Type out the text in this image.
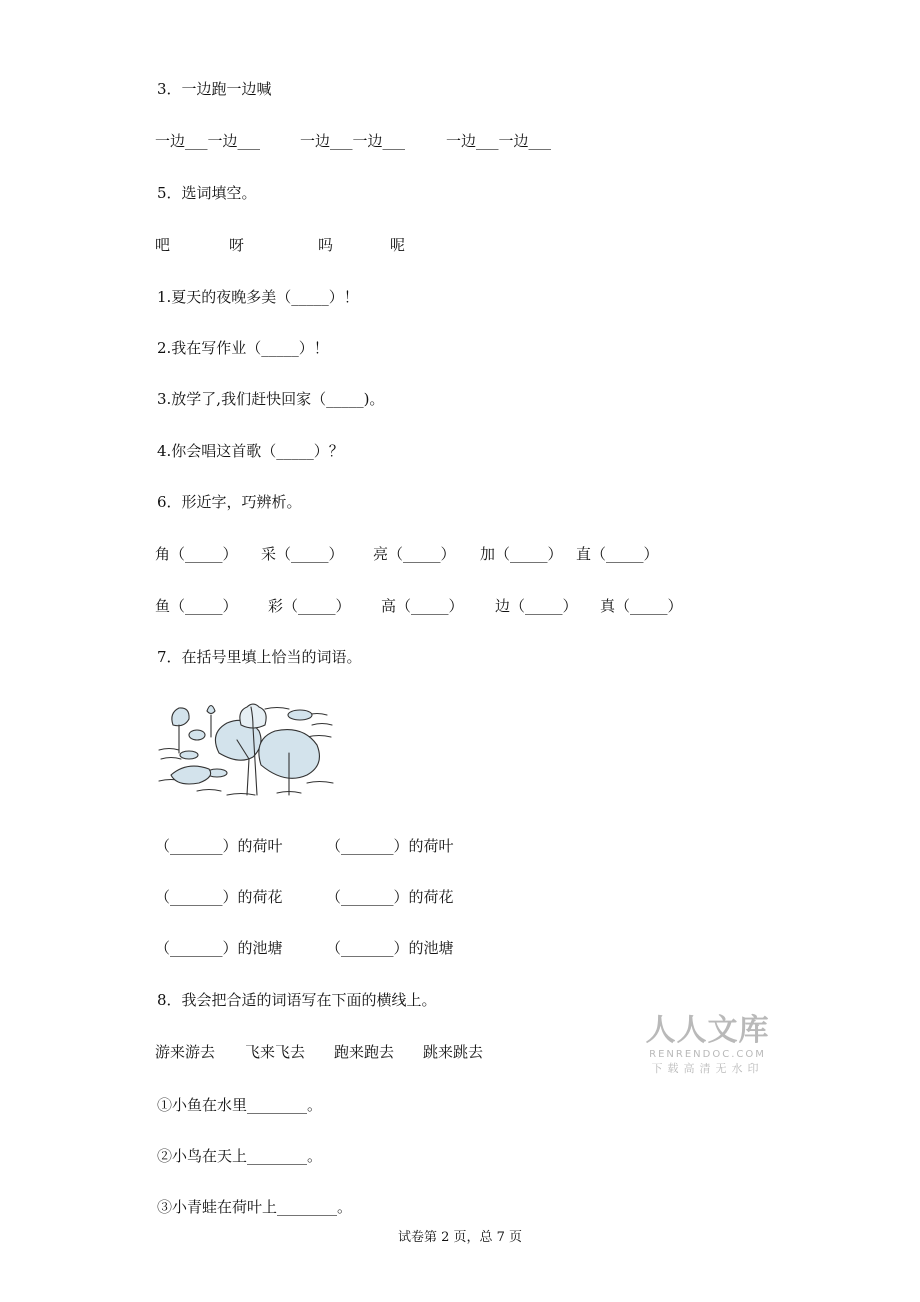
3．一边跑一边喊
一边___一边___	一边___一边___	一边___一边___
5．选词填空。
吧	呀	吗	呢
1.夏天的夜晚多美（_____）！
2.我在写作业（_____）！
3.放学了,我们赶快回家（_____)。
4.你会唱这首歌（_____）？
6．形近字，巧辨析。
角（_____） 采（_____） 亮（_____） 加（_____） 直（_____）
鱼（_____） 彩（_____） 高（_____） 边（_____） 真（_____）
7．在括号里填上恰当的词语。
（_______）的荷叶	（_______）的荷叶
（_______）的荷花	（_______）的荷花
（_______）的池塘	（_______）的池塘
8．我会把合适的词语写在下面的横线上。
游来游去 飞来飞去 跑来跑去 跳来跳去
①小鱼在水里________。
②小鸟在天上________。
③小青蛙在荷叶上________。
人人文库
RENRENDOC.COM
下载高清无水印
试卷第 2 页，总 7 页
